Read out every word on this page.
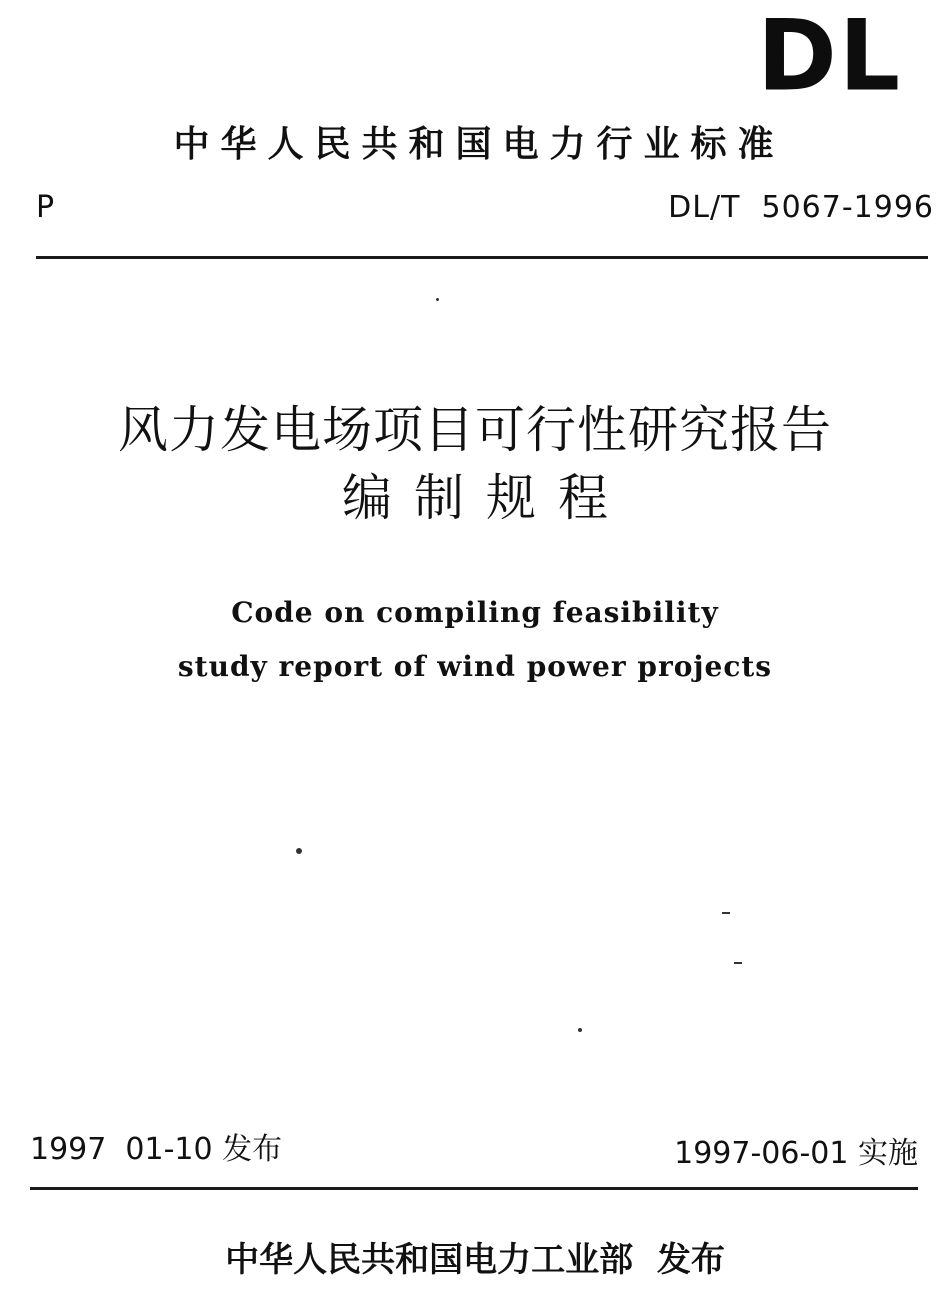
DL
中华人民共和国电力行业标准
P	DL/T  5067-1996
风力发电场项目可行性研究报告
编制规程
Code on compiling feasibility
study report of wind power projects
1997  01-10 发布	1997-06-01 实施
中华人民共和国电力工业部  发布
